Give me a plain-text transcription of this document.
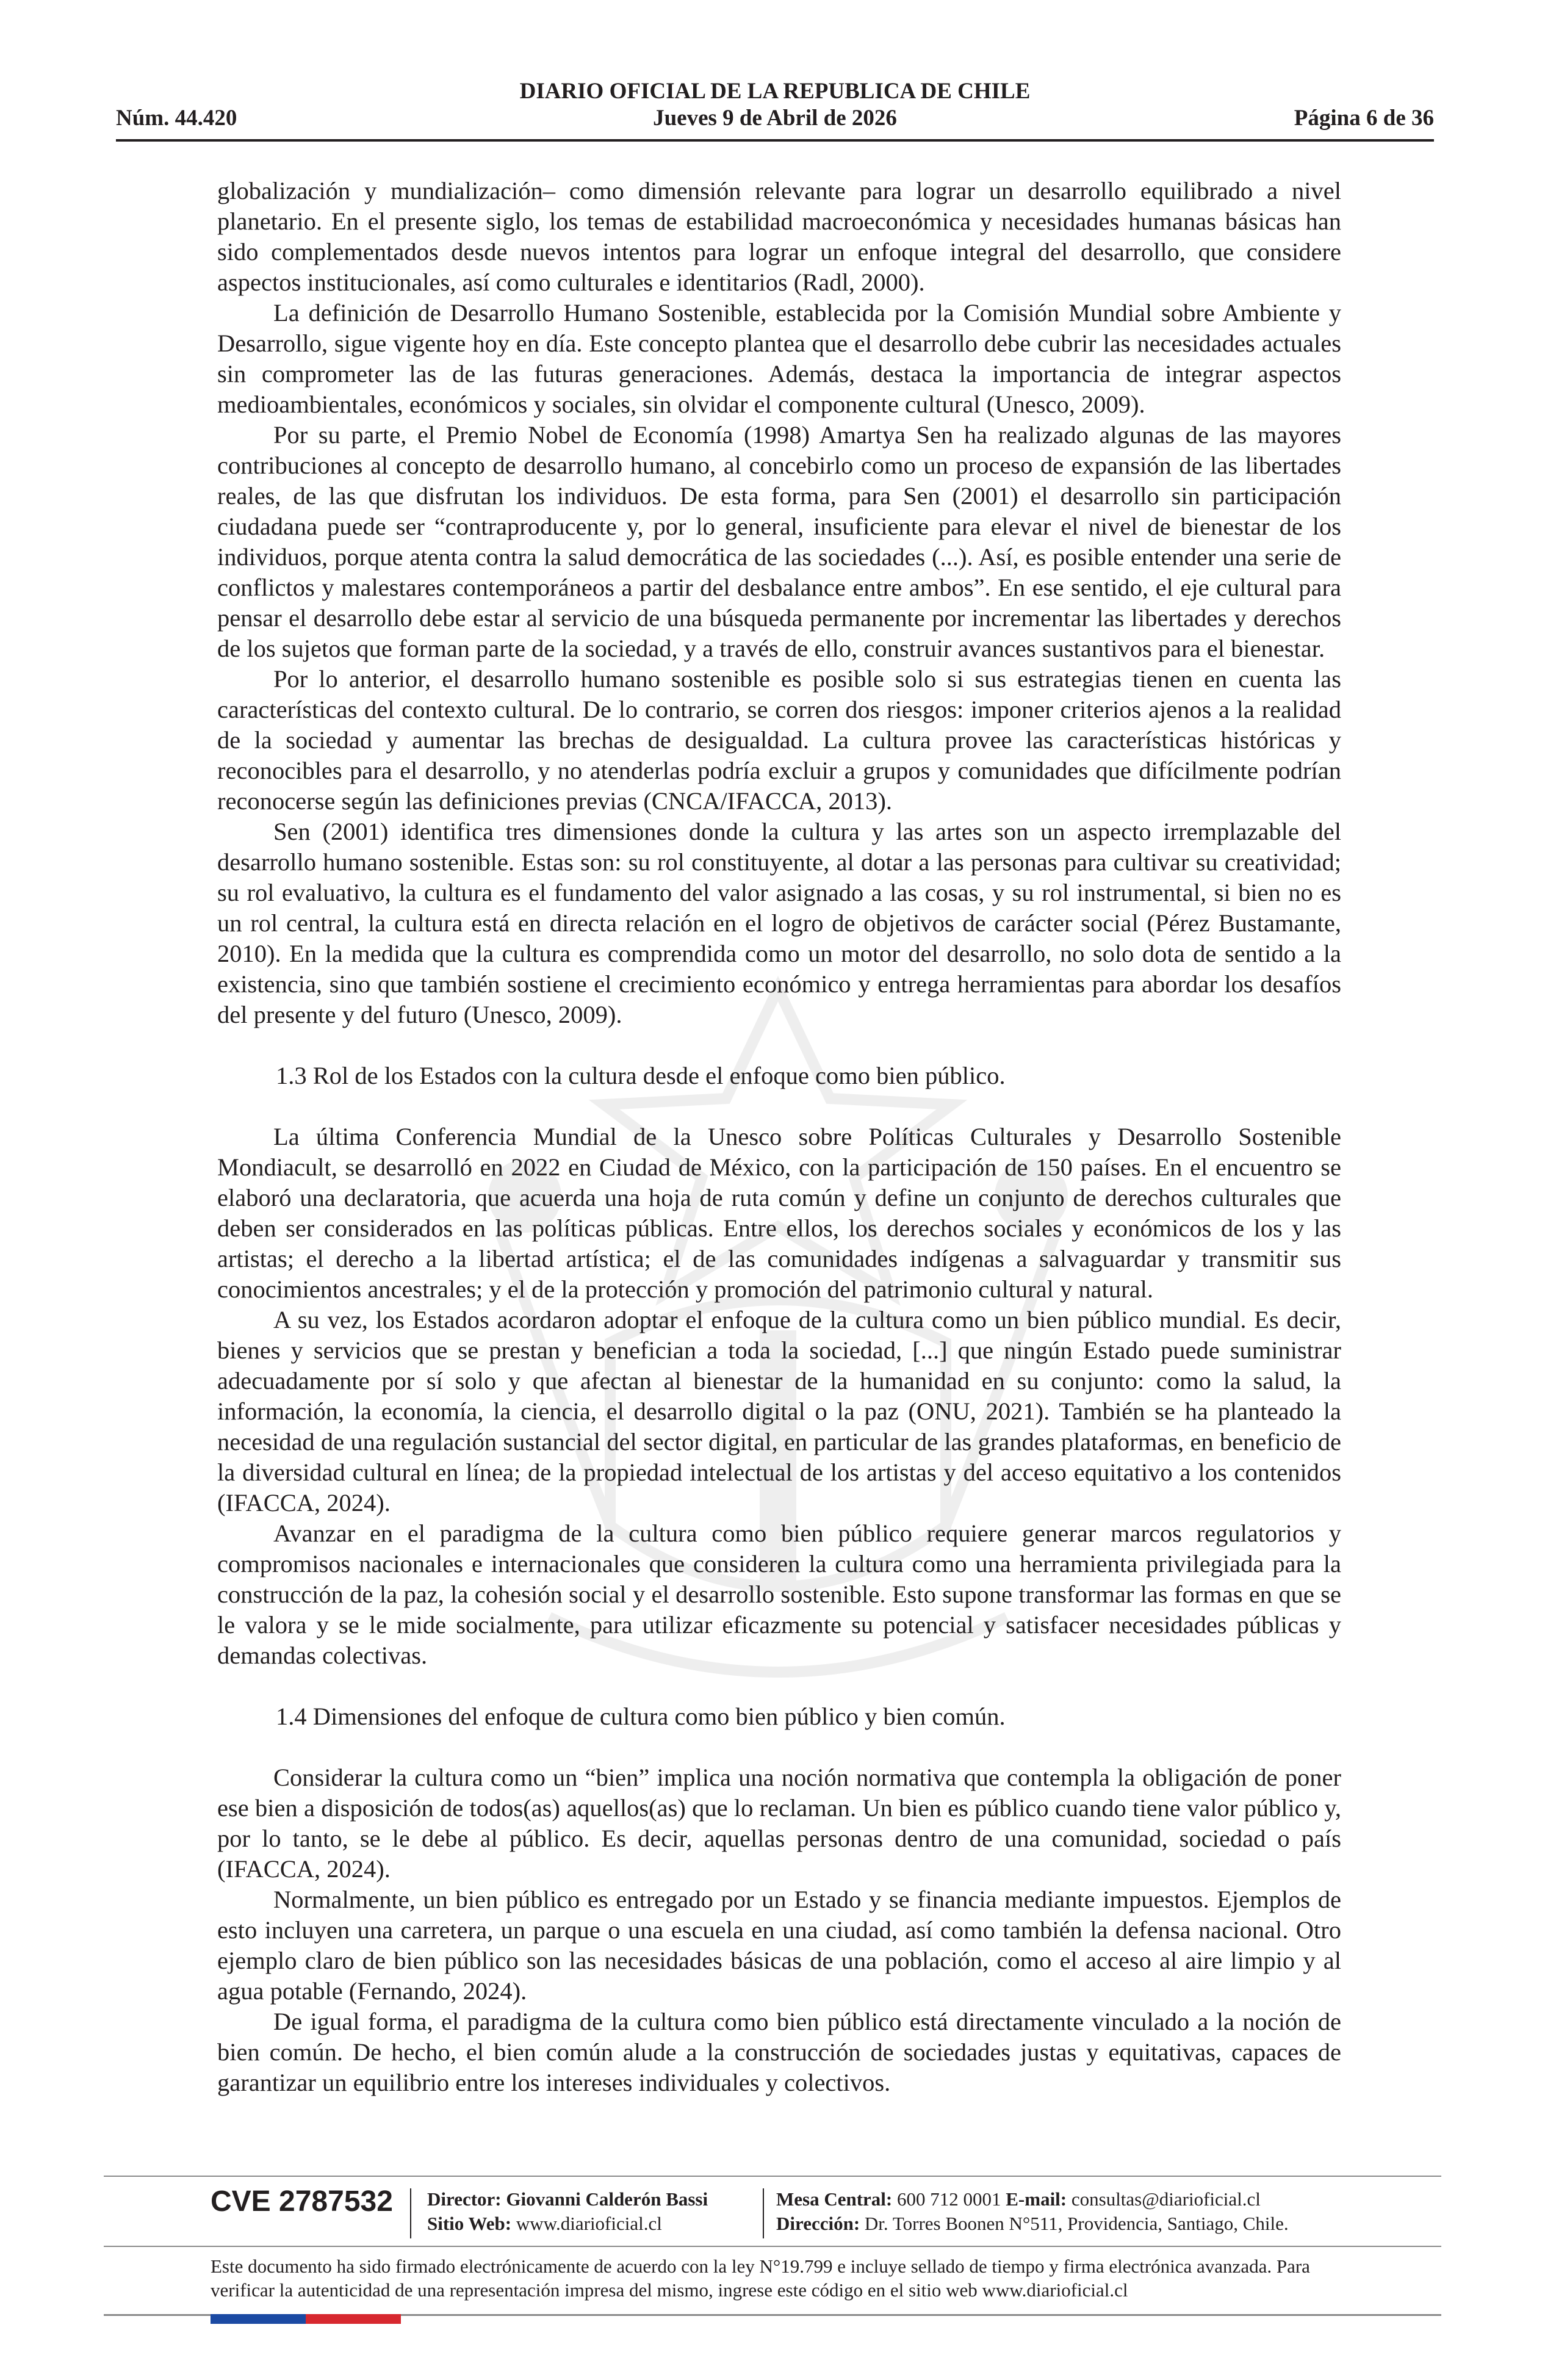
DIARIO OFICIAL DE LA REPUBLICA DE CHILE
Núm. 44.420	Jueves 9 de Abril de 2026	Página 6 de 36

globalización y mundialización– como dimensión relevante para lograr un desarrollo equilibrado a nivel planetario. En el presente siglo, los temas de estabilidad macroeconómica y necesidades humanas básicas han sido complementados desde nuevos intentos para lograr un enfoque integral del desarrollo, que considere aspectos institucionales, así como culturales e identitarios (Radl, 2000).

La definición de Desarrollo Humano Sostenible, establecida por la Comisión Mundial sobre Ambiente y Desarrollo, sigue vigente hoy en día. Este concepto plantea que el desarrollo debe cubrir las necesidades actuales sin comprometer las de las futuras generaciones. Además, destaca la importancia de integrar aspectos medioambientales, económicos y sociales, sin olvidar el componente cultural (Unesco, 2009).

Por su parte, el Premio Nobel de Economía (1998) Amartya Sen ha realizado algunas de las mayores contribuciones al concepto de desarrollo humano, al concebirlo como un proceso de expansión de las libertades reales, de las que disfrutan los individuos. De esta forma, para Sen (2001) el desarrollo sin participación ciudadana puede ser “contraproducente y, por lo general, insuficiente para elevar el nivel de bienestar de los individuos, porque atenta contra la salud democrática de las sociedades (...). Así, es posible entender una serie de conflictos y malestares contemporáneos a partir del desbalance entre ambos”. En ese sentido, el eje cultural para pensar el desarrollo debe estar al servicio de una búsqueda permanente por incrementar las libertades y derechos de los sujetos que forman parte de la sociedad, y a través de ello, construir avances sustantivos para el bienestar.

Por lo anterior, el desarrollo humano sostenible es posible solo si sus estrategias tienen en cuenta las características del contexto cultural. De lo contrario, se corren dos riesgos: imponer criterios ajenos a la realidad de la sociedad y aumentar las brechas de desigualdad. La cultura provee las características históricas y reconocibles para el desarrollo, y no atenderlas podría excluir a grupos y comunidades que difícilmente podrían reconocerse según las definiciones previas (CNCA/IFACCA, 2013).

Sen (2001) identifica tres dimensiones donde la cultura y las artes son un aspecto irremplazable del desarrollo humano sostenible. Estas son: su rol constituyente, al dotar a las personas para cultivar su creatividad; su rol evaluativo, la cultura es el fundamento del valor asignado a las cosas, y su rol instrumental, si bien no es un rol central, la cultura está en directa relación en el logro de objetivos de carácter social (Pérez Bustamante, 2010). En la medida que la cultura es comprendida como un motor del desarrollo, no solo dota de sentido a la existencia, sino que también sostiene el crecimiento económico y entrega herramientas para abordar los desafíos del presente y del futuro (Unesco, 2009).

1.3 Rol de los Estados con la cultura desde el enfoque como bien público.

La última Conferencia Mundial de la Unesco sobre Políticas Culturales y Desarrollo Sostenible Mondiacult, se desarrolló en 2022 en Ciudad de México, con la participación de 150 países. En el encuentro se elaboró una declaratoria, que acuerda una hoja de ruta común y define un conjunto de derechos culturales que deben ser considerados en las políticas públicas. Entre ellos, los derechos sociales y económicos de los y las artistas; el derecho a la libertad artística; el de las comunidades indígenas a salvaguardar y transmitir sus conocimientos ancestrales; y el de la protección y promoción del patrimonio cultural y natural.

A su vez, los Estados acordaron adoptar el enfoque de la cultura como un bien público mundial. Es decir, bienes y servicios que se prestan y benefician a toda la sociedad, [...] que ningún Estado puede suministrar adecuadamente por sí solo y que afectan al bienestar de la humanidad en su conjunto: como la salud, la información, la economía, la ciencia, el desarrollo digital o la paz (ONU, 2021). También se ha planteado la necesidad de una regulación sustancial del sector digital, en particular de las grandes plataformas, en beneficio de la diversidad cultural en línea; de la propiedad intelectual de los artistas y del acceso equitativo a los contenidos (IFACCA, 2024).

Avanzar en el paradigma de la cultura como bien público requiere generar marcos regulatorios y compromisos nacionales e internacionales que consideren la cultura como una herramienta privilegiada para la construcción de la paz, la cohesión social y el desarrollo sostenible. Esto supone transformar las formas en que se le valora y se le mide socialmente, para utilizar eficazmente su potencial y satisfacer necesidades públicas y demandas colectivas.

1.4 Dimensiones del enfoque de cultura como bien público y bien común.

Considerar la cultura como un “bien” implica una noción normativa que contempla la obligación de poner ese bien a disposición de todos(as) aquellos(as) que lo reclaman. Un bien es público cuando tiene valor público y, por lo tanto, se le debe al público. Es decir, aquellas personas dentro de una comunidad, sociedad o país (IFACCA, 2024).

Normalmente, un bien público es entregado por un Estado y se financia mediante impuestos. Ejemplos de esto incluyen una carretera, un parque o una escuela en una ciudad, así como también la defensa nacional. Otro ejemplo claro de bien público son las necesidades básicas de una población, como el acceso al aire limpio y al agua potable (Fernando, 2024).

De igual forma, el paradigma de la cultura como bien público está directamente vinculado a la noción de bien común. De hecho, el bien común alude a la construcción de sociedades justas y equitativas, capaces de garantizar un equilibrio entre los intereses individuales y colectivos.

CVE 2787532 Director: Giovanni Calderón Bassi
Sitio Web: www.diarioficial.cl
Mesa Central: 600 712 0001 E-mail: consultas@diarioficial.cl
Dirección: Dr. Torres Boonen N°511, Providencia, Santiago, Chile.
Este documento ha sido firmado electrónicamente de acuerdo con la ley N°19.799 e incluye sellado de tiempo y firma electrónica avanzada. Para verificar la autenticidad de una representación impresa del mismo, ingrese este código en el sitio web www.diarioficial.cl
